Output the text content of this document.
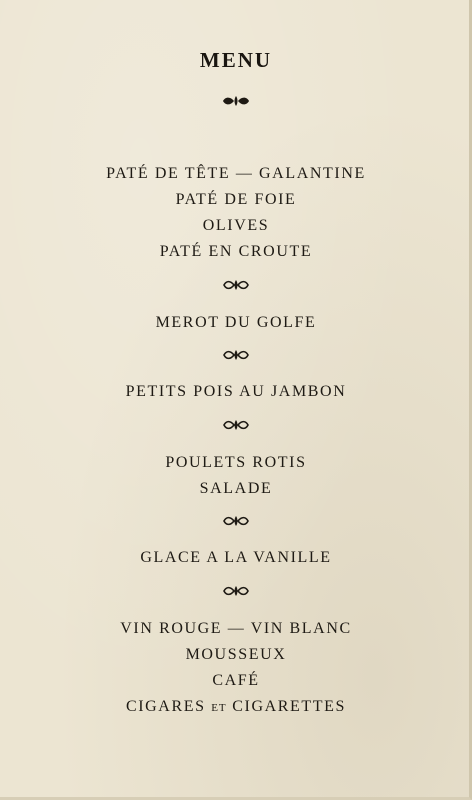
MENU
PATÉ DE TÊTE — GALANTINE
PATÉ DE FOIE
OLIVES
PATÉ EN CROUTE
MEROT DU GOLFE
PETITS POIS AU JAMBON
POULETS ROTIS
SALADE
GLACE A LA VANILLE
VIN ROUGE — VIN BLANC
MOUSSEUX
CAFÉ
CIGARES ET CIGARETTES
